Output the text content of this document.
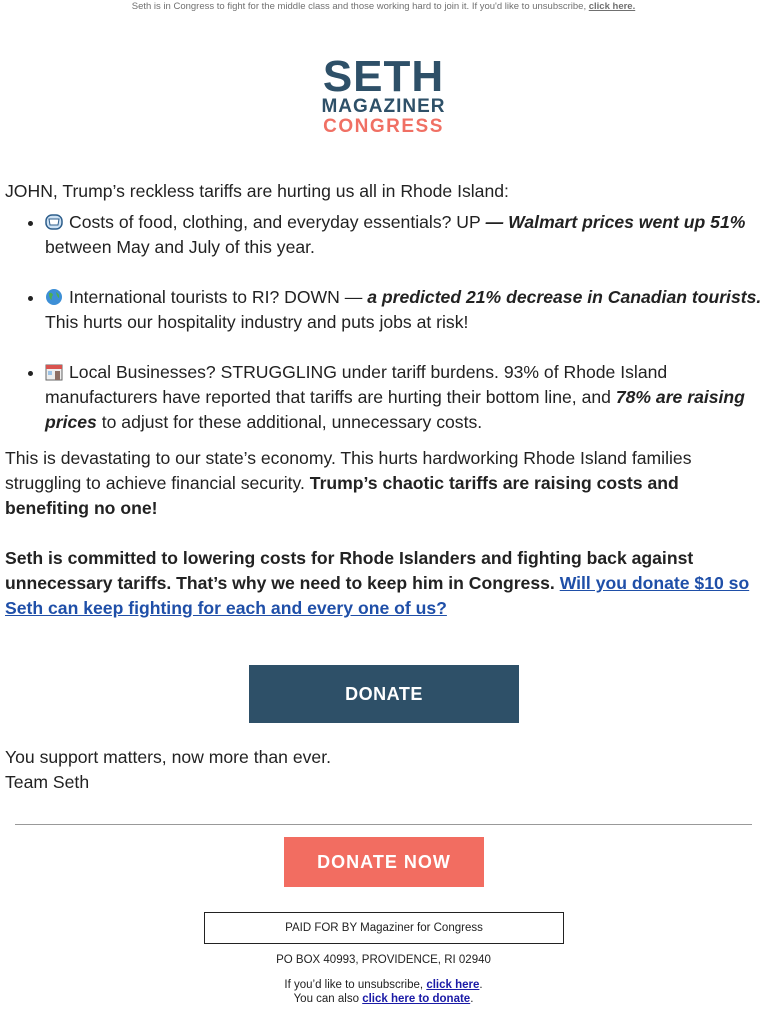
Seth is in Congress to fight for the middle class and those working hard to join it. If you'd like to unsubscribe, click here.
SETH
MAGAZINER
CONGRESS

JOHN, Trump’s reckless tariffs are hurting us all in Rhode Island:

• Costs of food, clothing, and everyday essentials? UP — Walmart prices went up 51% between May and July of this year.
• International tourists to RI? DOWN — a predicted 21% decrease in Canadian tourists. This hurts our hospitality industry and puts jobs at risk!
• Local Businesses? STRUGGLING under tariff burdens. 93% of Rhode Island manufacturers have reported that tariffs are hurting their bottom line, and 78% are raising prices to adjust for these additional, unnecessary costs.

This is devastating to our state’s economy. This hurts hardworking Rhode Island families struggling to achieve financial security. Trump’s chaotic tariffs are raising costs and benefiting no one!

Seth is committed to lowering costs for Rhode Islanders and fighting back against unnecessary tariffs. That’s why we need to keep him in Congress. Will you donate $10 so Seth can keep fighting for each and every one of us?

DONATE
You support matters, now more than ever.
Team Seth
DONATE NOW
PAID FOR BY Magaziner for Congress
PO BOX 40993, PROVIDENCE, RI 02940
If you’d like to unsubscribe, click here.
You can also click here to donate.
